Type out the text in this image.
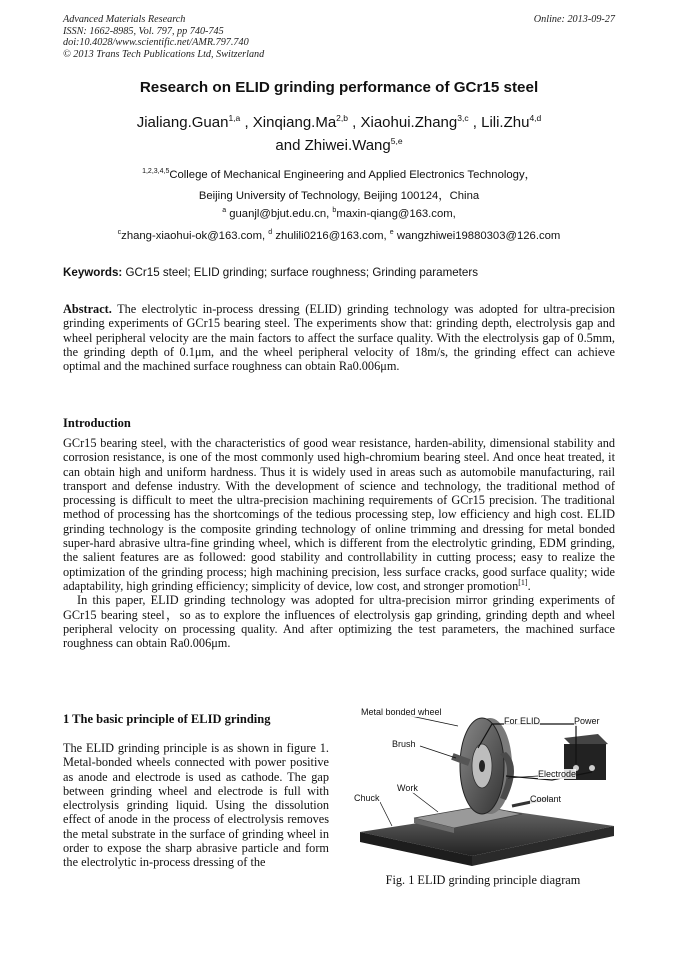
Advanced Materials Research
ISSN: 1662-8985, Vol. 797, pp 740-745
doi:10.4028/www.scientific.net/AMR.797.740
© 2013 Trans Tech Publications Ltd, Switzerland
Online: 2013-09-27
Research on ELID grinding performance of GCr15 steel
Jialiang.Guan$^{1,a}$ , Xinqiang.Ma$^{2,b}$ , Xiaohui.Zhang$^{3,c}$ , Lili.Zhu$^{4,d}$
and Zhiwei.Wang$^{5,e}$
$^{1,2,3,4,5}$College of Mechanical Engineering and Applied Electronics Technology，
Beijing University of Technology, Beijing 100124，China
$^a$ guanjl@bjut.edu.cn, $^b$maxin-qiang@163.com,
$^c$zhang-xiaohui-ok@163.com, $^d$ zhulili0216@163.com, $^e$ wangzhiwei19880303@126.com
Keywords: GCr15 steel; ELID grinding; surface roughness; Grinding parameters
Abstract. The electrolytic in-process dressing (ELID) grinding technology was adopted for ultra-precision grinding experiments of GCr15 bearing steel. The experiments show that: grinding depth, electrolysis gap and wheel peripheral velocity are the main factors to affect the surface quality. With the electrolysis gap of 0.5mm, the grinding depth of 0.1μm, and the wheel peripheral velocity of 18m/s, the grinding effect can achieve optimal and the machined surface roughness can obtain Ra0.006μm.
Introduction

GCr15 bearing steel, with the characteristics of good wear resistance, harden-ability, dimensional stability and corrosion resistance, is one of the most commonly used high-chromium bearing steel. And once heat treated, it can obtain high and uniform hardness. Thus it is widely used in areas such as automobile manufacturing, rail transport and defense industry. With the development of science and technology, the traditional method of processing is difficult to meet the ultra-precision machining requirements of GCr15 precision. The traditional method of processing has the shortcomings of the tedious processing step, low efficiency and high cost. ELID grinding technology is the composite grinding technology of online trimming and dressing for metal bonded super-hard abrasive ultra-fine grinding wheel, which is different from the electrolytic grinding, EDM grinding, the salient features are as followed: good stability and controllability in cutting process; easy to realize the optimization of the grinding process; high machining precision, less surface cracks, good surface quality; wide adaptability, high grinding efficiency; simplicity of device, low cost, and stronger promotion[1].

In this paper, ELID grinding technology was adopted for ultra-precision mirror grinding experiments of GCr15 bearing steel，so as to explore the influences of electrolysis gap grinding, grinding depth and wheel peripheral velocity on processing quality. And after optimizing the test parameters, the machined surface roughness can obtain Ra0.006μm.

1 The basic principle of ELID grinding
The ELID grinding principle is as shown in figure 1. Metal-bonded wheels connected with power positive as anode and electrode is used as cathode. The gap between grinding wheel and electrode is full with electrolysis grinding liquid. Using the dissolution effect of anode in the process of electrolysis removes the metal substrate in the surface of grinding wheel in order to expose the sharp abrasive particle and form the electrolytic in-process dressing of the
Metal bonded wheel
For ELID	Power
Brush
Electrode
Work
Chuck	Coolant
Fig. 1 ELID grinding principle diagram
